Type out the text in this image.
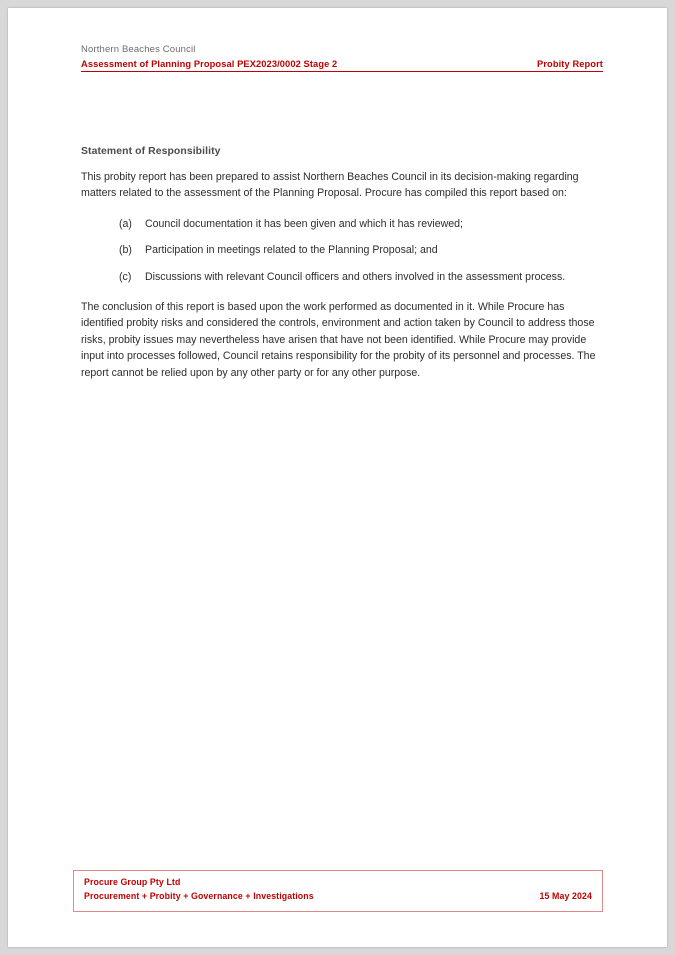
Northern Beaches Council
Assessment of Planning Proposal PEX2023/0002 Stage 2	Probity Report
Statement of Responsibility

This probity report has been prepared to assist Northern Beaches Council in its decision-making regarding matters related to the assessment of the Planning Proposal. Procure has compiled this report based on:

(a)	Council documentation it has been given and which it has reviewed;
(b)	Participation in meetings related to the Planning Proposal; and
(c)	Discussions with relevant Council officers and others involved in the assessment process.

The conclusion of this report is based upon the work performed as documented in it. While Procure has identified probity risks and considered the controls, environment and action taken by Council to address those risks, probity issues may nevertheless have arisen that have not been identified. While Procure may provide input into processes followed, Council retains responsibility for the probity of its personnel and processes. The report cannot be relied upon by any other party or for any other purpose.

Procure Group Pty Ltd
Procurement + Probity + Governance + Investigations	15 May 2024
